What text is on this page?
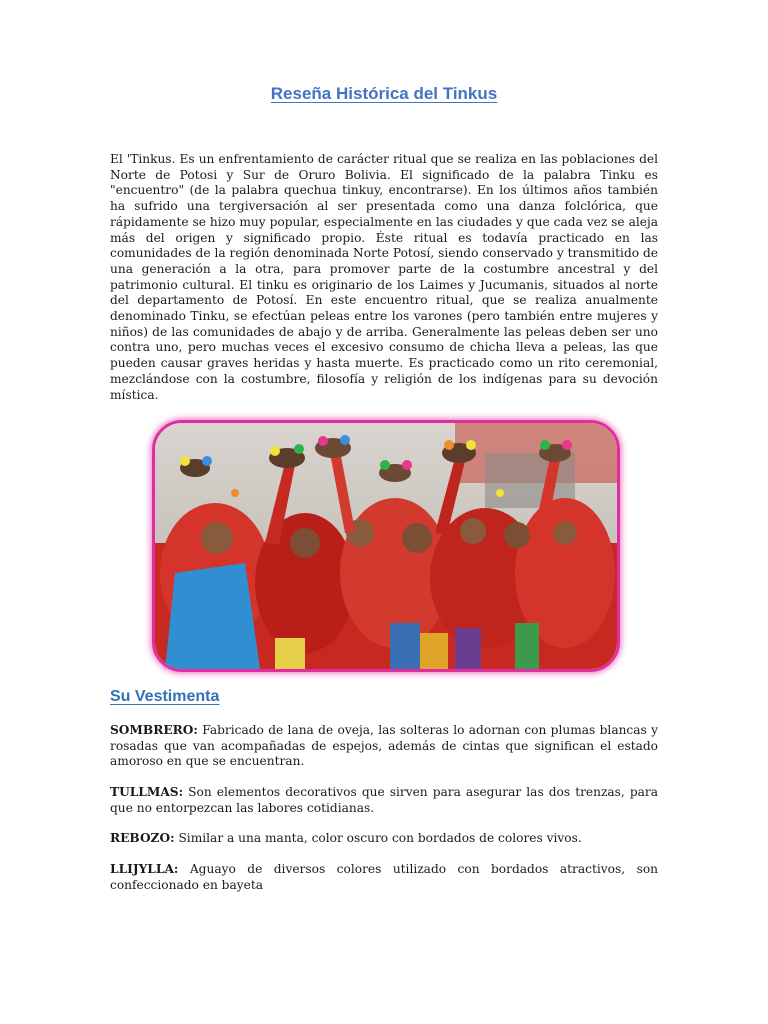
Reseña Histórica del Tinkus

El 'Tinkus. Es un enfrentamiento de carácter ritual que se realiza en las poblaciones del Norte de Potosi y Sur de Oruro Bolivia. El significado de la palabra Tinku es "encuentro" (de la palabra quechua tinkuy, encontrarse). En los últimos años también ha sufrido una tergiversación al ser presentada como una danza folclórica, que rápidamente se hizo muy popular, especialmente en las ciudades y que cada vez se aleja más del origen y significado propio. Éste ritual es todavía practicado en las comunidades de la región denominada Norte Potosí, siendo conservado y transmitido de una generación a la otra, para promover parte de la costumbre ancestral y del patrimonio cultural. El tinku es originario de los Laimes y Jucumanis, situados al norte del departamento de Potosí. En este encuentro ritual, que se realiza anualmente denominado Tinku, se efectúan peleas entre los varones (pero también entre mujeres y niños) de las comunidades de abajo y de arriba. Generalmente las peleas deben ser uno contra uno, pero muchas veces el excesivo consumo de chicha lleva a peleas, las que pueden causar graves heridas y hasta muerte. Es practicado como un rito ceremonial, mezclándose con la costumbre, filosofía y religión de los indígenas para su devoción mística.

Su Vestimenta

SOMBRERO: Fabricado de lana de oveja, las solteras lo adornan con plumas blancas y rosadas que van acompañadas de espejos, además de cintas que significan el estado amoroso en que se encuentran.

TULLMAS: Son elementos decorativos que sirven para asegurar las dos trenzas, para que no entorpezcan las labores cotidianas.

REBOZO: Similar a una manta, color oscuro con bordados de colores vivos.

LLIJYLLA: Aguayo de diversos colores utilizado con bordados atractivos, son confeccionado en bayeta
